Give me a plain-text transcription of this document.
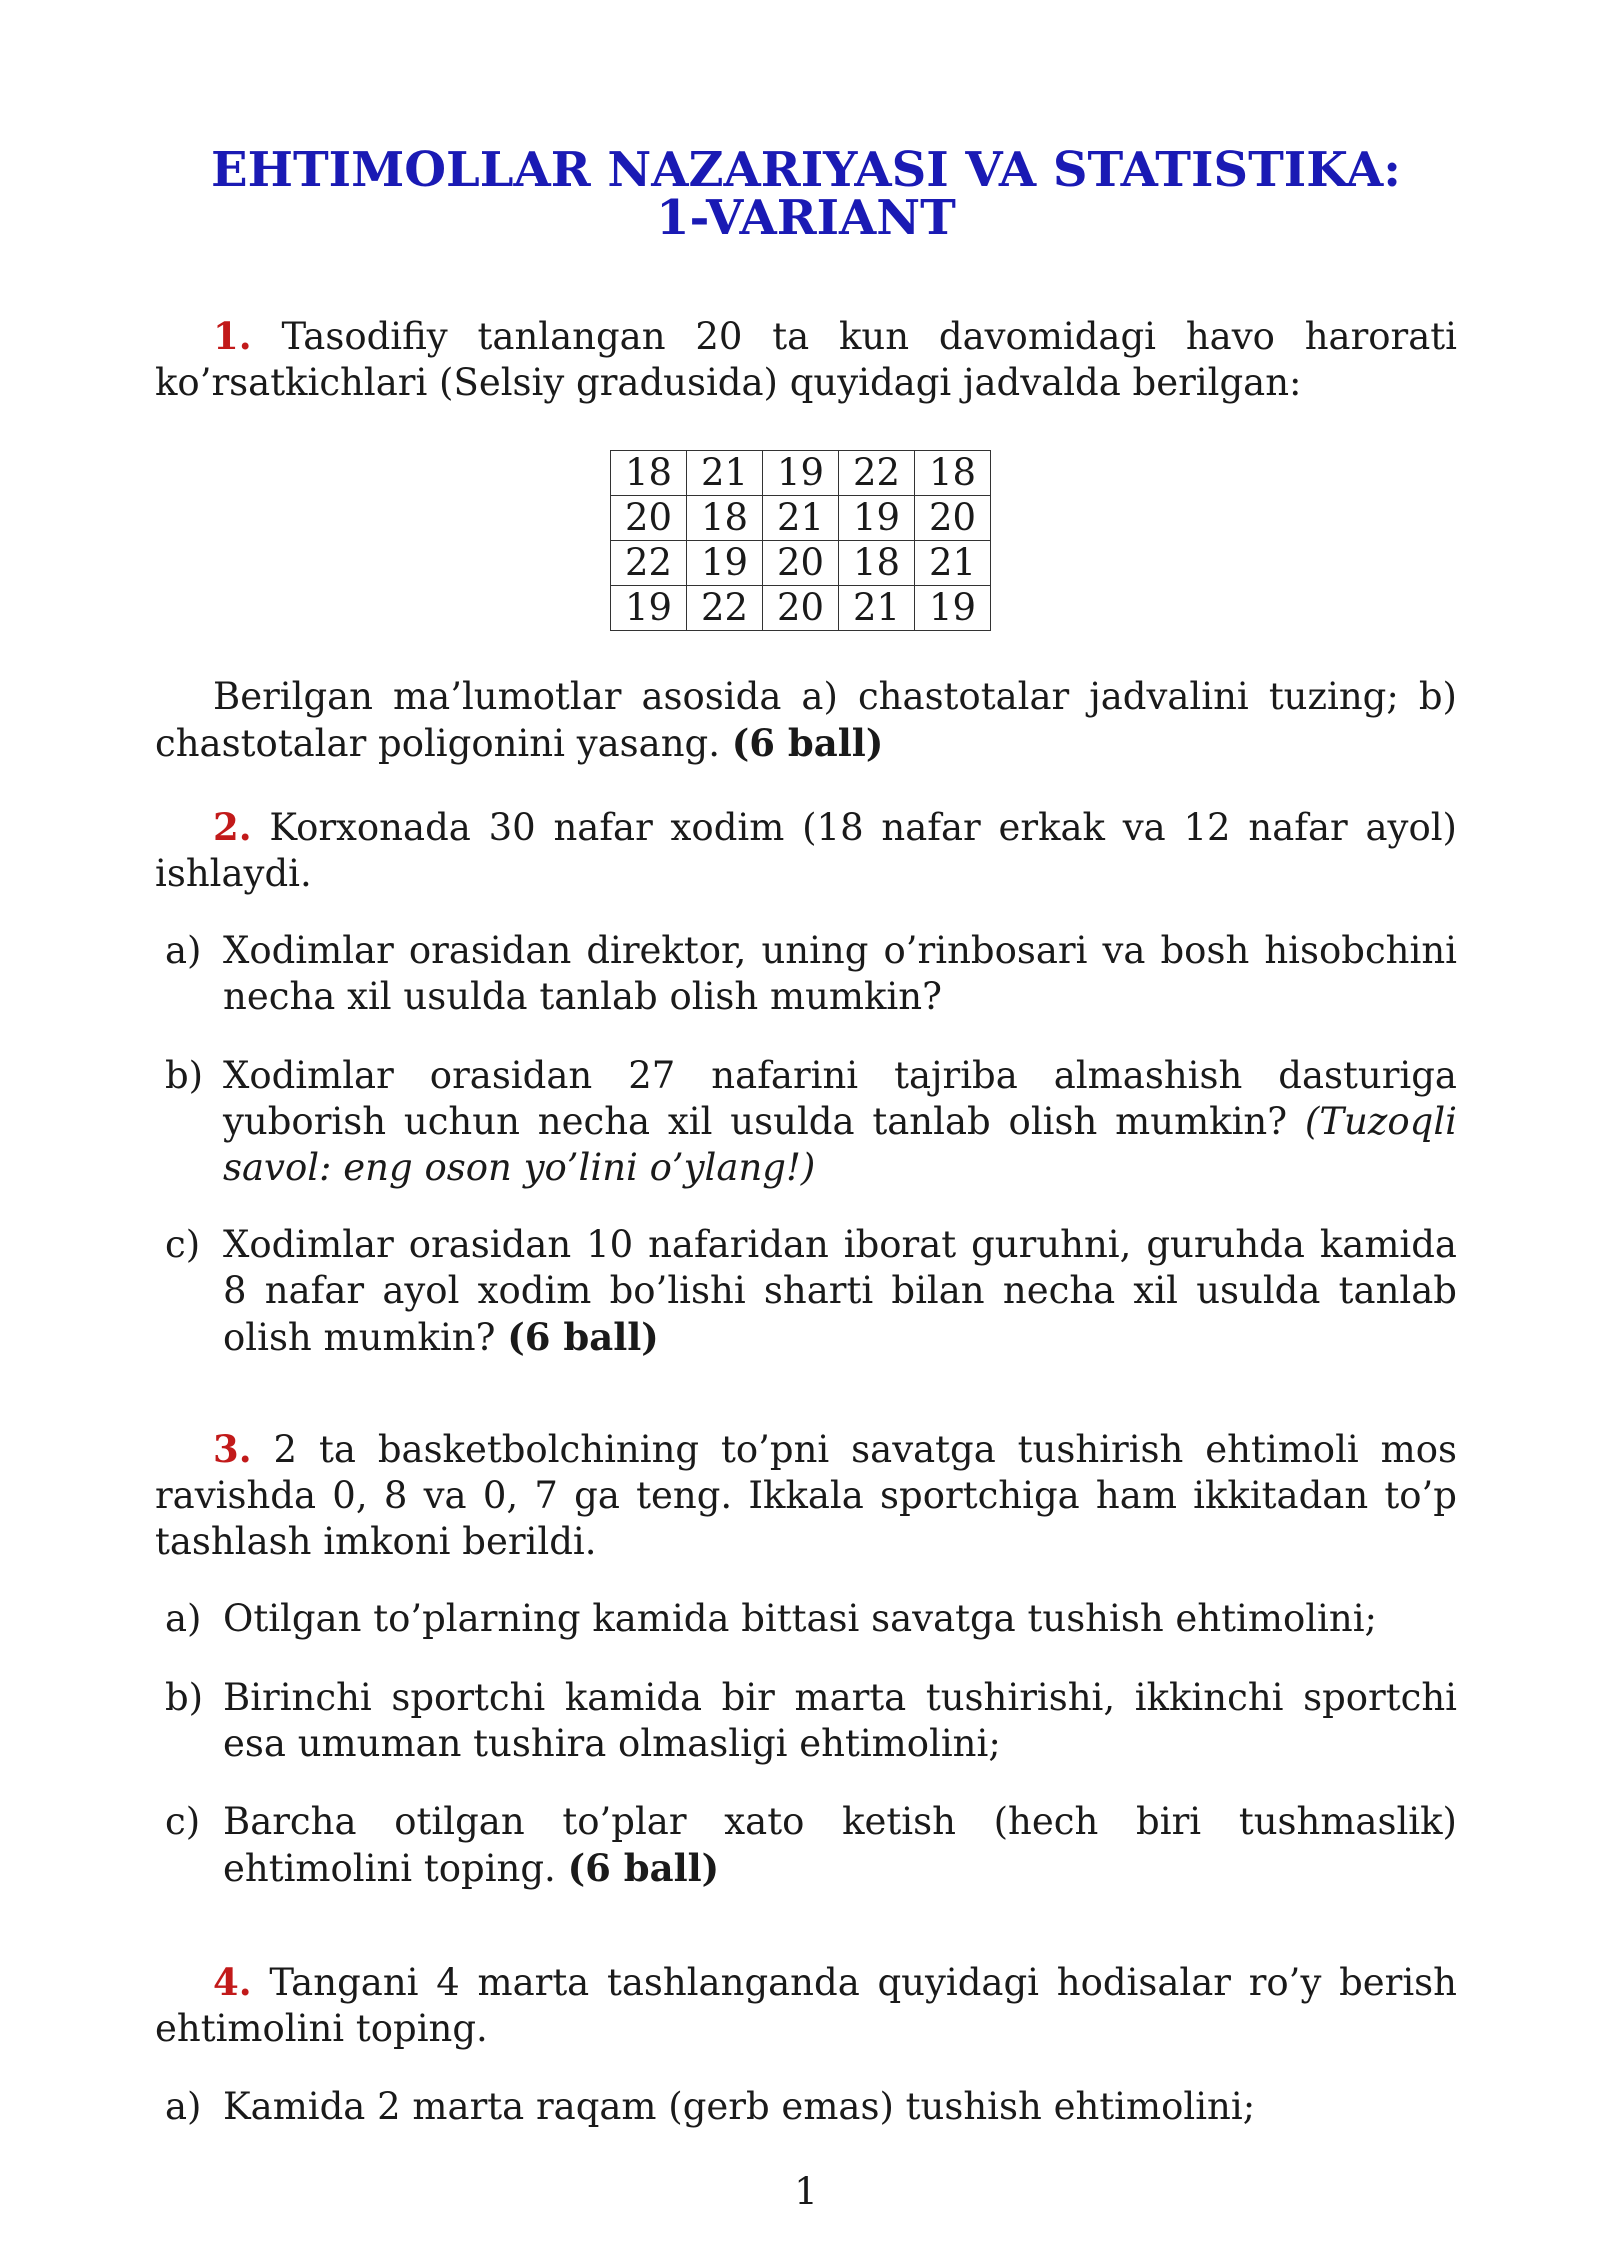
EHTIMOLLAR NAZARIYASI VA STATISTIKA:
1-VARIANT
1. Tasodifiy tanlangan 20 ta kun davomidagi havo harorati ko’rsatkichlari (Selsiy gradusida) quyidagi jadvalda berilgan:
18	21	19	22	18
20	18	21	19	20
22	19	20	18	21
19	22	20	21	19
Berilgan ma’lumotlar asosida a) chastotalar jadvalini tuzing; b) chastotalar poligonini yasang. (6 ball)
2. Korxonada 30 nafar xodim (18 nafar erkak va 12 nafar ayol) ishlaydi.
a) Xodimlar orasidan direktor, uning o’rinbosari va bosh hisobchini necha xil usulda tanlab olish mumkin?
b) Xodimlar orasidan 27 nafarini tajriba almashish dasturiga yuborish uchun necha xil usulda tanlab olish mumkin? (Tuzoqli savol: eng oson yo’lini o’ylang!)
c) Xodimlar orasidan 10 nafaridan iborat guruhni, guruhda kamida 8 nafar ayol xodim bo’lishi sharti bilan necha xil usulda tanlab olish mumkin? (6 ball)
3. 2 ta basketbolchining to’pni savatga tushirish ehtimoli mos ravishda 0, 8 va 0, 7 ga teng. Ikkala sportchiga ham ikkitadan to’p tashlash imkoni berildi.
a) Otilgan to’plarning kamida bittasi savatga tushish ehtimolini;
b) Birinchi sportchi kamida bir marta tushirishi, ikkinchi sportchi esa umuman tushira olmasligi ehtimolini;
c) Barcha otilgan to’plar xato ketish (hech biri tushmaslik) ehtimolini toping. (6 ball)
4. Tangani 4 marta tashlanganda quyidagi hodisalar ro’y berish ehtimolini toping.
a) Kamida 2 marta raqam (gerb emas) tushish ehtimolini;
1
